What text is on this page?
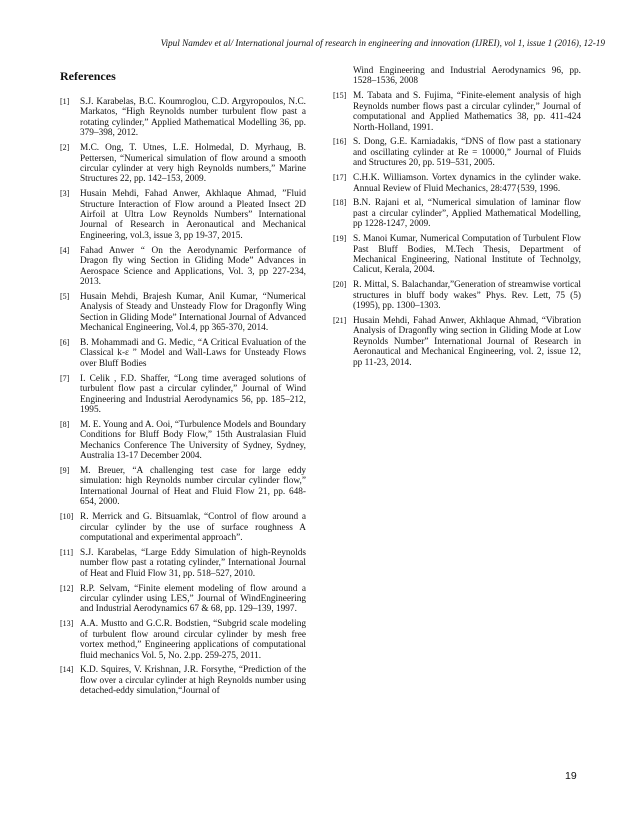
Vipul Namdev et al/ International journal of research in engineering and innovation (IJREI), vol 1, issue 1 (2016), 12-19
References
[1] S.J. Karabelas, B.C. Koumroglou, C.D. Argyropoulos, N.C. Markatos, “High Reynolds number turbulent flow past a rotating cylinder,” Applied Mathematical Modelling 36, pp. 379–398, 2012.
[2] M.C. Ong, T. Utnes, L.E. Holmedal, D. Myrhaug, B. Pettersen, “Numerical simulation of flow around a smooth circular cylinder at very high Reynolds numbers,” Marine Structures 22, pp. 142–153, 2009.
[3] Husain Mehdi, Fahad Anwer, Akhlaque Ahmad, ”Fluid Structure Interaction of Flow around a Pleated Insect 2D Airfoil at Ultra Low Reynolds Numbers” International Journal of Research in Aeronautical and Mechanical Engineering, vol.3, issue 3, pp 19-37, 2015.
[4] Fahad Anwer “ On the Aerodynamic Performance of Dragon fly wing Section in Gliding Mode” Advances in Aerospace Science and Applications, Vol. 3, pp 227-234, 2013.
[5] Husain Mehdi, Brajesh Kumar, Anil Kumar, “Numerical Analysis of Steady and Unsteady Flow for Dragonfly Wing Section in Gliding Mode” International Journal of Advanced Mechanical Engineering, Vol.4, pp 365-370, 2014.
[6] B. Mohammadi and G. Medic, “A Critical Evaluation of the Classical k-ε ” Model and Wall-Laws for Unsteady Flows over Bluff Bodies
[7] I. Celik , F.D. Shaffer, “Long time averaged solutions of turbulent flow past a circular cylinder,” Journal of Wind Engineering and Industrial Aerodynamics 56, pp. 185–212, 1995.
[8] M. E. Young and A. Ooi, “Turbulence Models and Boundary Conditions for Bluff Body Flow,” 15th Australasian Fluid Mechanics Conference The University of Sydney, Sydney, Australia 13-17 December 2004.
[9] M. Breuer, “A challenging test case for large eddy simulation: high Reynolds number circular cylinder flow,” International Journal of Heat and Fluid Flow 21, pp. 648-654, 2000.
[10] R. Merrick and G. Bitsuamlak, “Control of flow around a circular cylinder by the use of surface roughness A computational and experimental approach”.
[11] S.J. Karabelas, “Large Eddy Simulation of high-Reynolds number flow past a rotating cylinder,” International Journal of Heat and Fluid Flow 31, pp. 518–527, 2010.
[12] R.P. Selvam, “Finite element modeling of flow around a circular cylinder using LES,” Journal of WindEngineering and Industrial Aerodynamics 67 & 68, pp. 129–139, 1997.
[13] A.A. Mustto and G.C.R. Bodstien, “Subgrid scale modeling of turbulent flow around circular cylinder by mesh free vortex method,” Engineering applications of computational fluid mechanics Vol. 5, No. 2.pp. 259-275, 2011.
[14] K.D. Squires, V. Krishnan, J.R. Forsythe, “Prediction of the flow over a circular cylinder at high Reynolds number using detached-eddy simulation,“Journal of
Wind Engineering and Industrial Aerodynamics 96, pp. 1528–1536, 2008
[15] M. Tabata and S. Fujima, “Finite-element analysis of high Reynolds number flows past a circular cylinder,” Journal of computational and Applied Mathematics 38, pp. 411-424 North-Holland, 1991.
[16] S. Dong, G.E. Karniadakis, “DNS of flow past a stationary and oscillating cylinder at Re = 10000,” Journal of Fluids and Structures 20, pp. 519–531, 2005.
[17] C.H.K. Williamson. Vortex dynamics in the cylinder wake. Annual Review of Fluid Mechanics, 28:477{539, 1996.
[18] B.N. Rajani et al, “Numerical simulation of laminar flow past a circular cylinder”, Applied Mathematical Modelling, pp 1228-1247, 2009.
[19] S. Manoi Kumar, Numerical Computation of Turbulent Flow Past Bluff Bodies, M.Tech Thesis, Department of Mechanical Engineering, National Institute of Technolgy, Calicut, Kerala, 2004.
[20] R. Mittal, S. Balachandar,”Generation of streamwise vortical structures in bluff body wakes” Phys. Rev. Lett, 75 (5) (1995), pp. 1300–1303.
[21] Husain Mehdi, Fahad Anwer, Akhlaque Ahmad, “Vibration Analysis of Dragonfly wing section in Gliding Mode at Low Reynolds Number” International Journal of Research in Aeronautical and Mechanical Engineering, vol. 2, issue 12, pp 11-23, 2014.
19
